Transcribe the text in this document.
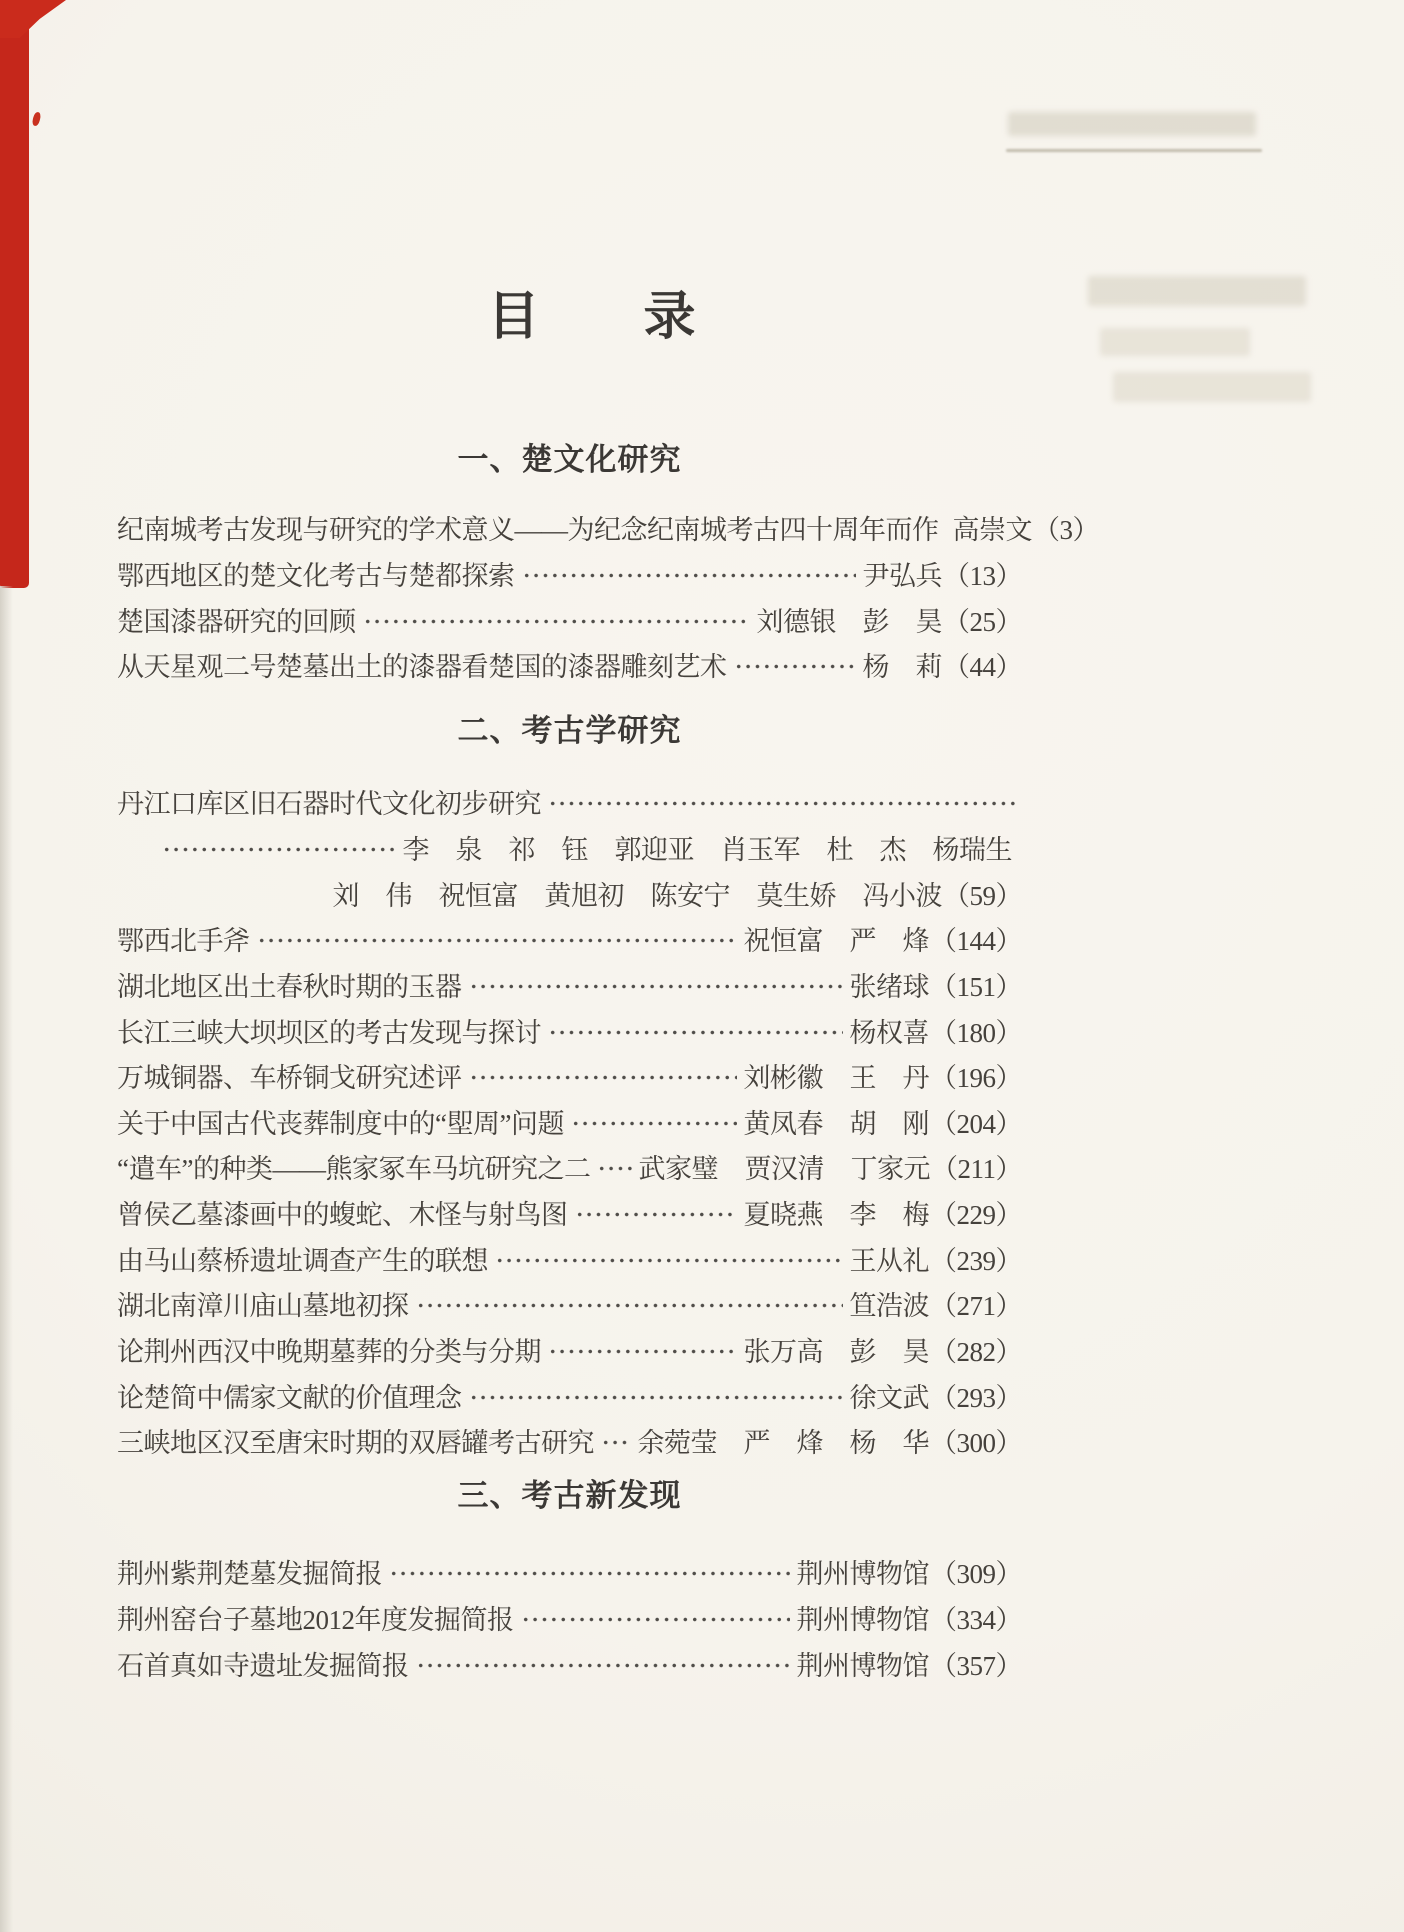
目　　录
一、楚文化研究
纪南城考古发现与研究的学术意义——为纪念纪南城考古四十周年而作 高崇文 （3）
鄂西地区的楚文化考古与楚都探索	尹弘兵 （13）
楚国漆器研究的回顾	刘德银　彭　昊 （25）
从天星观二号楚墓出土的漆器看楚国的漆器雕刻艺术	杨　莉 （44）
二、考古学研究
丹江口库区旧石器时代文化初步研究
李　泉　祁　钰　郭迎亚　肖玉军　杜　杰　杨瑞生
刘　伟　祝恒富　黄旭初　陈安宁　莫生娇　冯小波 （59）
鄂西北手斧	祝恒富　严　烽 （144）
湖北地区出土春秋时期的玉器	张绪球 （151）
长江三峡大坝坝区的考古发现与探讨	杨权喜 （180）
万城铜器、车桥铜戈研究述评	刘彬徽　王　丹 （196）
关于中国古代丧葬制度中的“堲周”问题	黄凤春　胡　刚 （204）
“遣车”的种类——熊家冢车马坑研究之二 武家璧　贾汉清　丁家元 （211）
曾侯乙墓漆画中的蝮蛇、木怪与射鸟图	夏晓燕　李　梅 （229）
由马山蔡桥遗址调查产生的联想	王从礼 （239）
湖北南漳川庙山墓地初探	笪浩波 （271）
论荆州西汉中晚期墓葬的分类与分期	张万高　彭　昊 （282）
论楚简中儒家文献的价值理念	徐文武 （293）
三峡地区汉至唐宋时期的双唇罐考古研究 余菀莹　严　烽　杨　华 （300）
三、考古新发现
荆州紫荆楚墓发掘简报	荆州博物馆 （309）
荆州窑台子墓地2012年度发掘简报	荆州博物馆 （334）
石首真如寺遗址发掘简报	荆州博物馆 （357）
